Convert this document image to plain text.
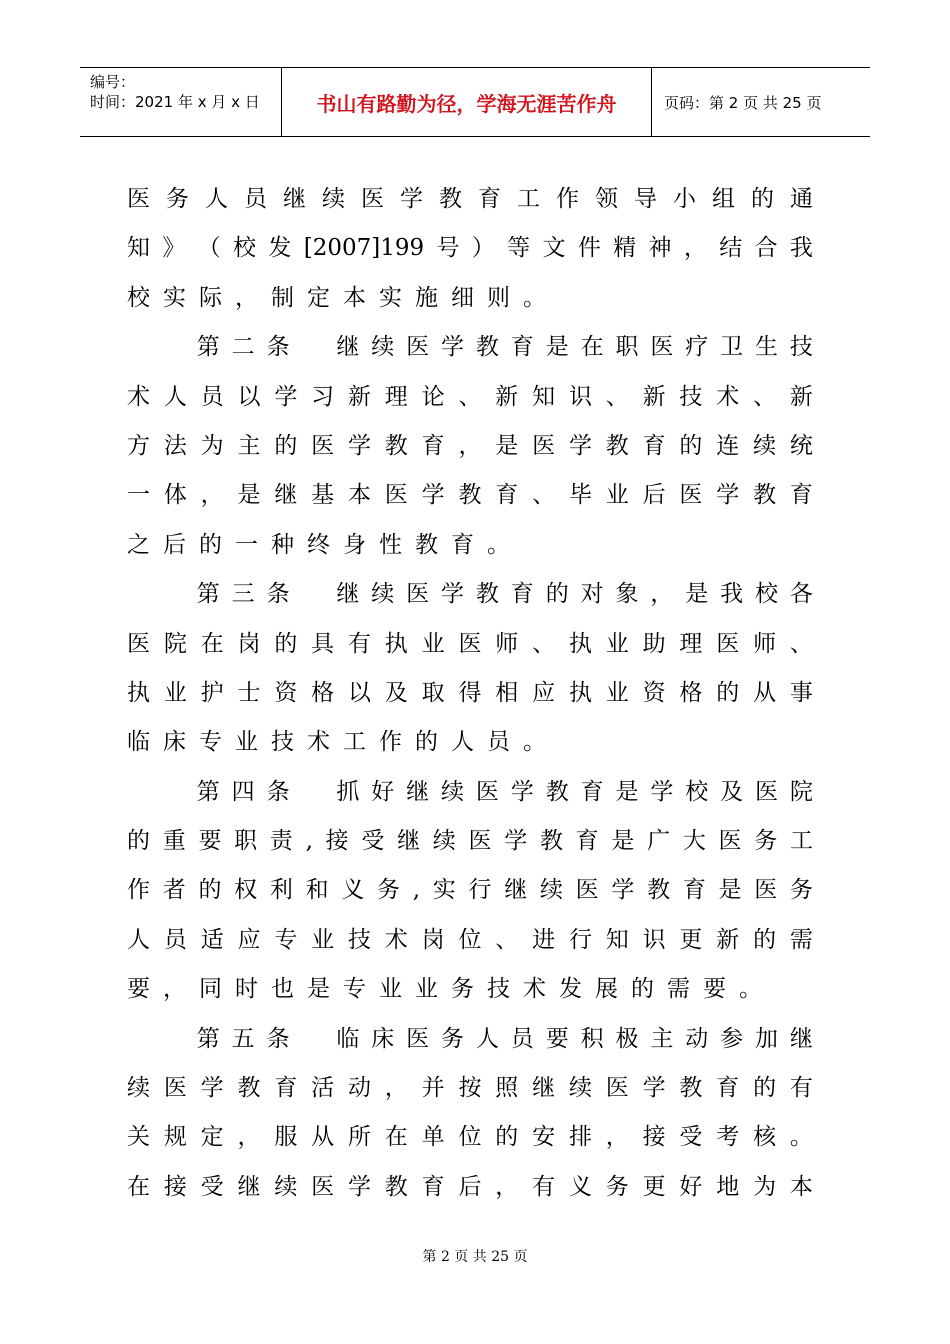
编号：
时间：2021 年 x 月 x 日	书山有路勤为径，学海无涯苦作舟	页码：第 2 页 共 25 页
医 务 人 员 继 续 医 学 教 育 工 作 领 导 小 组 的 通
知 》 （ 校 发 [2007]199 号 ） 等 文 件 精 神 ， 结 合 我
校 实 际 ， 制 定 本 实 施 细 则 。

第 二 条
　 继 续 医 学 教 育 是 在 职 医 疗 卫 生 技
术 人 员 以 学 习 新 理 论 、 新 知 识 、 新 技 术 、 新
方 法 为 主 的 医 学 教 育 ， 是 医 学 教 育 的 连 续 统
一 体 ， 是 继 基 本 医 学 教 育 、 毕 业 后 医 学 教 育
之 后 的 一 种 终 身 性 教 育 。

第 三 条
　 继 续 医 学 教 育 的 对 象 ， 是 我 校 各
医 院 在 岗 的 具 有 执 业 医 师 、 执 业 助 理 医 师 、
执 业 护 士 资 格 以 及 取 得 相 应 执 业 资 格 的 从 事
临 床 专 业 技 术 工 作 的 人 员 。

第 四 条
　 抓 好 继 续 医 学 教 育 是 学 校 及 医 院
的 重 要 职 责 , 接 受 继 续 医 学 教 育 是 广 大 医 务 工
作 者 的 权 利 和 义 务 , 实 行 继 续 医 学 教 育 是 医 务
人 员 适 应 专 业 技 术 岗 位 、 进 行 知 识 更 新 的 需
要 ， 同 时 也 是 专 业 业 务 技 术 发 展 的 需 要 。

第 五 条
　 临 床 医 务 人 员 要 积 极 主 动 参 加 继
续 医 学 教 育 活 动 ， 并 按 照 继 续 医 学 教 育 的 有
关 规 定 ， 服 从 所 在 单 位 的 安 排 ， 接 受 考 核 。
在 接 受 继 续 医 学 教 育 后 ， 有 义 务 更 好 地 为 本
第 2 页 共 25 页
